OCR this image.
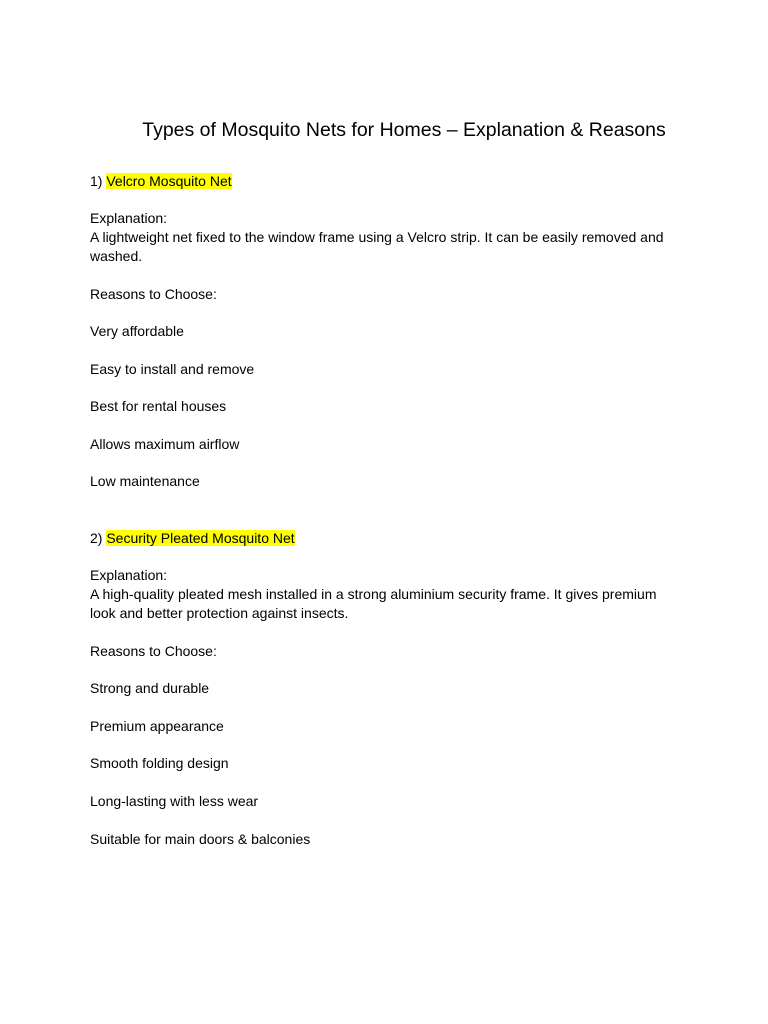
Types of Mosquito Nets for Homes – Explanation & Reasons
1) Velcro Mosquito Net
Explanation:
A lightweight net fixed to the window frame using a Velcro strip. It can be easily removed and washed.
Reasons to Choose:
Very affordable
Easy to install and remove
Best for rental houses
Allows maximum airflow
Low maintenance
2) Security Pleated Mosquito Net
Explanation:
A high-quality pleated mesh installed in a strong aluminium security frame. It gives premium look and better protection against insects.
Reasons to Choose:
Strong and durable
Premium appearance
Smooth folding design
Long-lasting with less wear
Suitable for main doors & balconies
